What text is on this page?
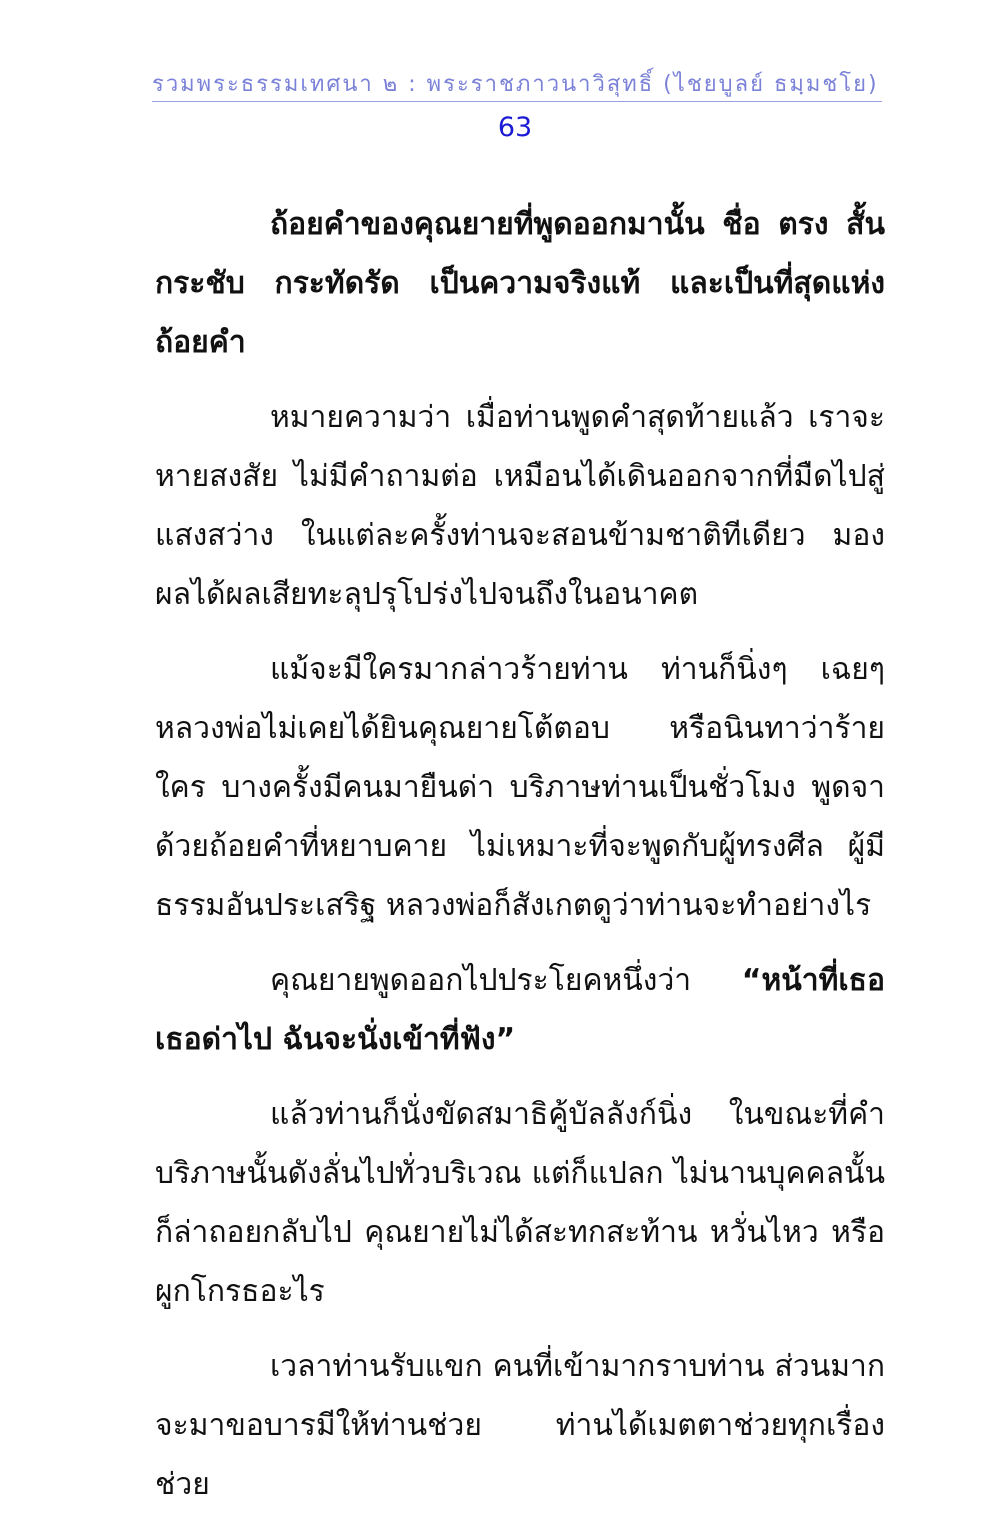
รวมพระธรรมเทศนา ๒ : พระราชภาวนาวิสุทธิ์ (ไชยบูลย์ ธมฺมชโย)
63

ถ้อยคำของคุณยายที่พูดออกมานั้น ชื่อ ตรง สั้น กระชับ กระทัดรัด เป็นความจริงแท้ และเป็นที่สุดแห่งถ้อยคำ

หมายความว่า เมื่อท่านพูดคำสุดท้ายแล้ว เราจะหายสงสัย ไม่มีคำถามต่อ เหมือนได้เดินออกจากที่มืดไปสู่แสงสว่าง ในแต่ละครั้งท่านจะสอนข้ามชาติทีเดียว มองผลได้ผลเสียทะลุปรุโปร่งไปจนถึงในอนาคต

แม้จะมีใครมากล่าวร้ายท่าน ท่านก็นิ่งๆ เฉยๆ หลวงพ่อไม่เคยได้ยินคุณยายโต้ตอบ หรือนินทาว่าร้ายใคร บางครั้งมีคนมายืนด่า บริภาษท่านเป็นชั่วโมง พูดจาด้วยถ้อยคำที่หยาบคาย ไม่เหมาะที่จะพูดกับผู้ทรงศีล ผู้มีธรรมอันประเสริฐ หลวงพ่อก็สังเกตดูว่าท่านจะทำอย่างไร

คุณยายพูดออกไปประโยคหนึ่งว่า “หน้าที่เธอ เธอด่าไป ฉันจะนั่งเข้าที่ฟัง”

แล้วท่านก็นั่งขัดสมาธิคู้บัลลังก์นิ่ง ในขณะที่คำบริภาษนั้นดังลั่นไปทั่วบริเวณ แต่ก็แปลก ไม่นานบุคคลนั้นก็ล่าถอยกลับไป คุณยายไม่ได้สะทกสะท้าน หวั่นไหว หรือผูกโกรธอะไร

เวลาท่านรับแขก คนที่เข้ามากราบท่าน ส่วนมากจะมาขอบารมีให้ท่านช่วย ท่านได้เมตตาช่วยทุกเรื่อง ช่วย
